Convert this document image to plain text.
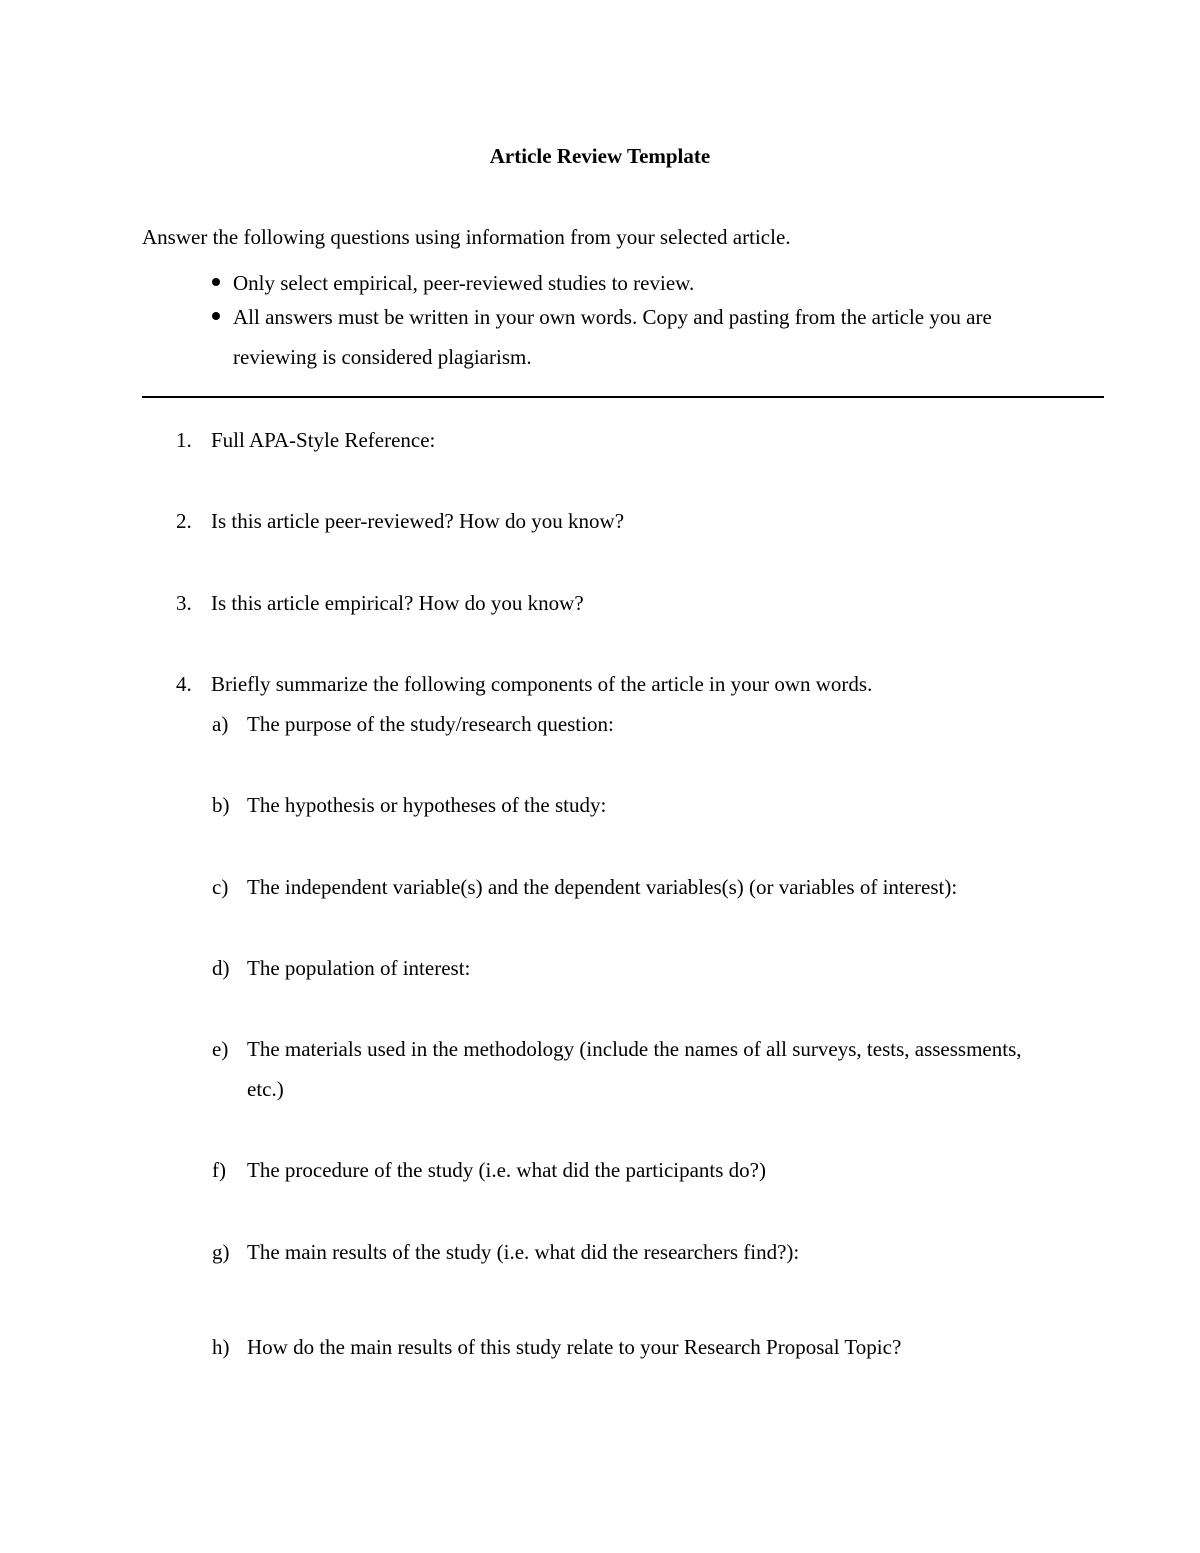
Article Review Template
Answer the following questions using information from your selected article.
Only select empirical, peer-reviewed studies to review.
All answers must be written in your own words. Copy and pasting from the article you are reviewing is considered plagiarism.
1. Full APA-Style Reference:
2. Is this article peer-reviewed? How do you know?
3. Is this article empirical? How do you know?
4. Briefly summarize the following components of the article in your own words.
a) The purpose of the study/research question:
b) The hypothesis or hypotheses of the study:
c) The independent variable(s) and the dependent variables(s) (or variables of interest):
d) The population of interest:
e) The materials used in the methodology (include the names of all surveys, tests, assessments, etc.)
f) The procedure of the study (i.e. what did the participants do?)
g) The main results of the study (i.e. what did the researchers find?):
h) How do the main results of this study relate to your Research Proposal Topic?
